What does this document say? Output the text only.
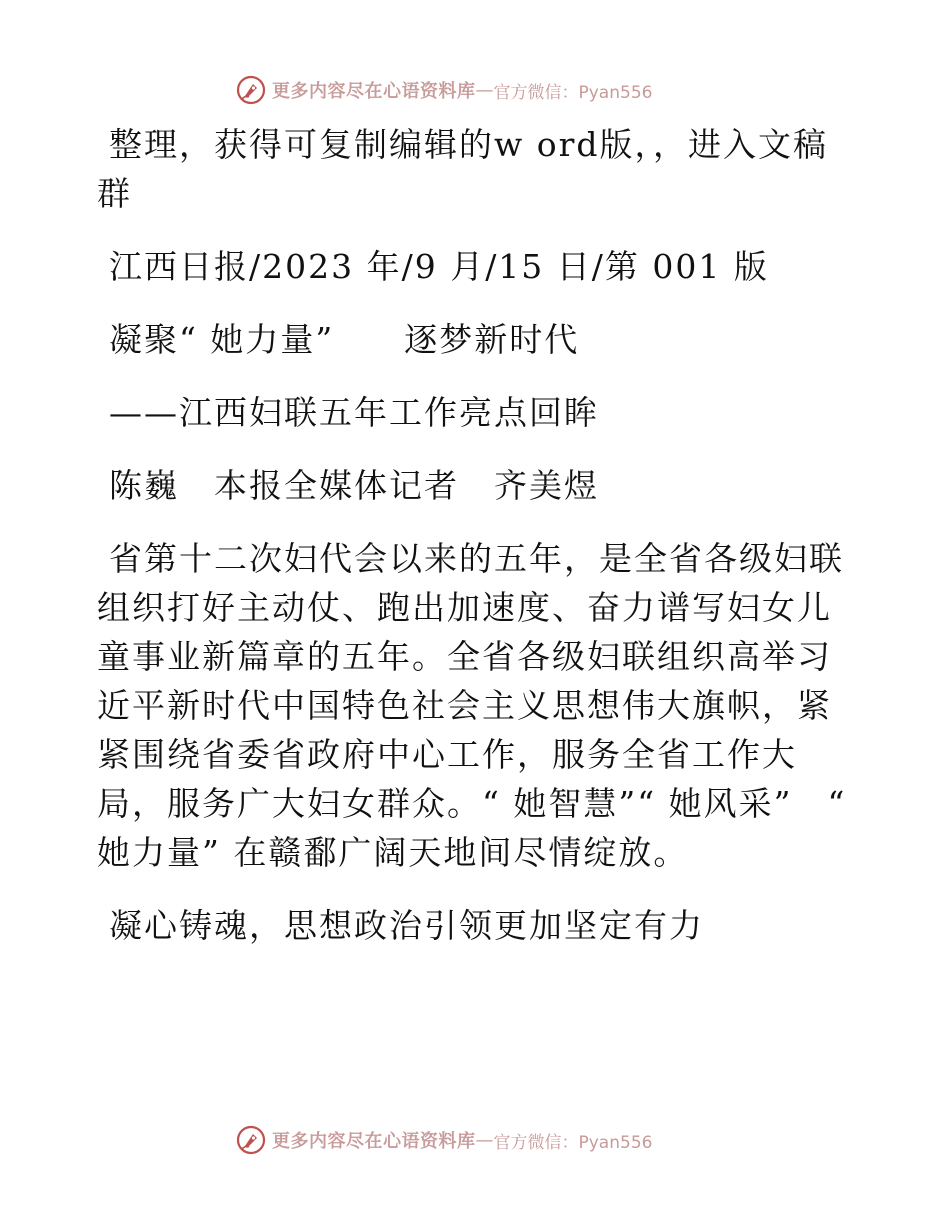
更多内容尽在心语资料库 — 官方微信：Pyan556

整理，获得可复制编辑的w ord版，，进入文稿群

江西日报/2023 年/9 月/15 日/第 001 版

凝聚“ 她力量”　　逐梦新时代

——江西妇联五年工作亮点回眸

陈巍　本报全媒体记者　齐美煜

省第十二次妇代会以来的五年，是全省各级妇联组织打好主动仗、跑出加速度、奋力谱写妇女儿童事业新篇章的五年。全省各级妇联组织高举习近平新时代中国特色社会主义思想伟大旗帜，紧紧围绕省委省政府中心工作，服务全省工作大局，服务广大妇女群众。“ 她智慧”“ 她风采”　“ 她力量” 在赣鄱广阔天地间尽情绽放。

凝心铸魂，思想政治引领更加坚定有力

更多内容尽在心语资料库 — 官方微信：Pyan556
